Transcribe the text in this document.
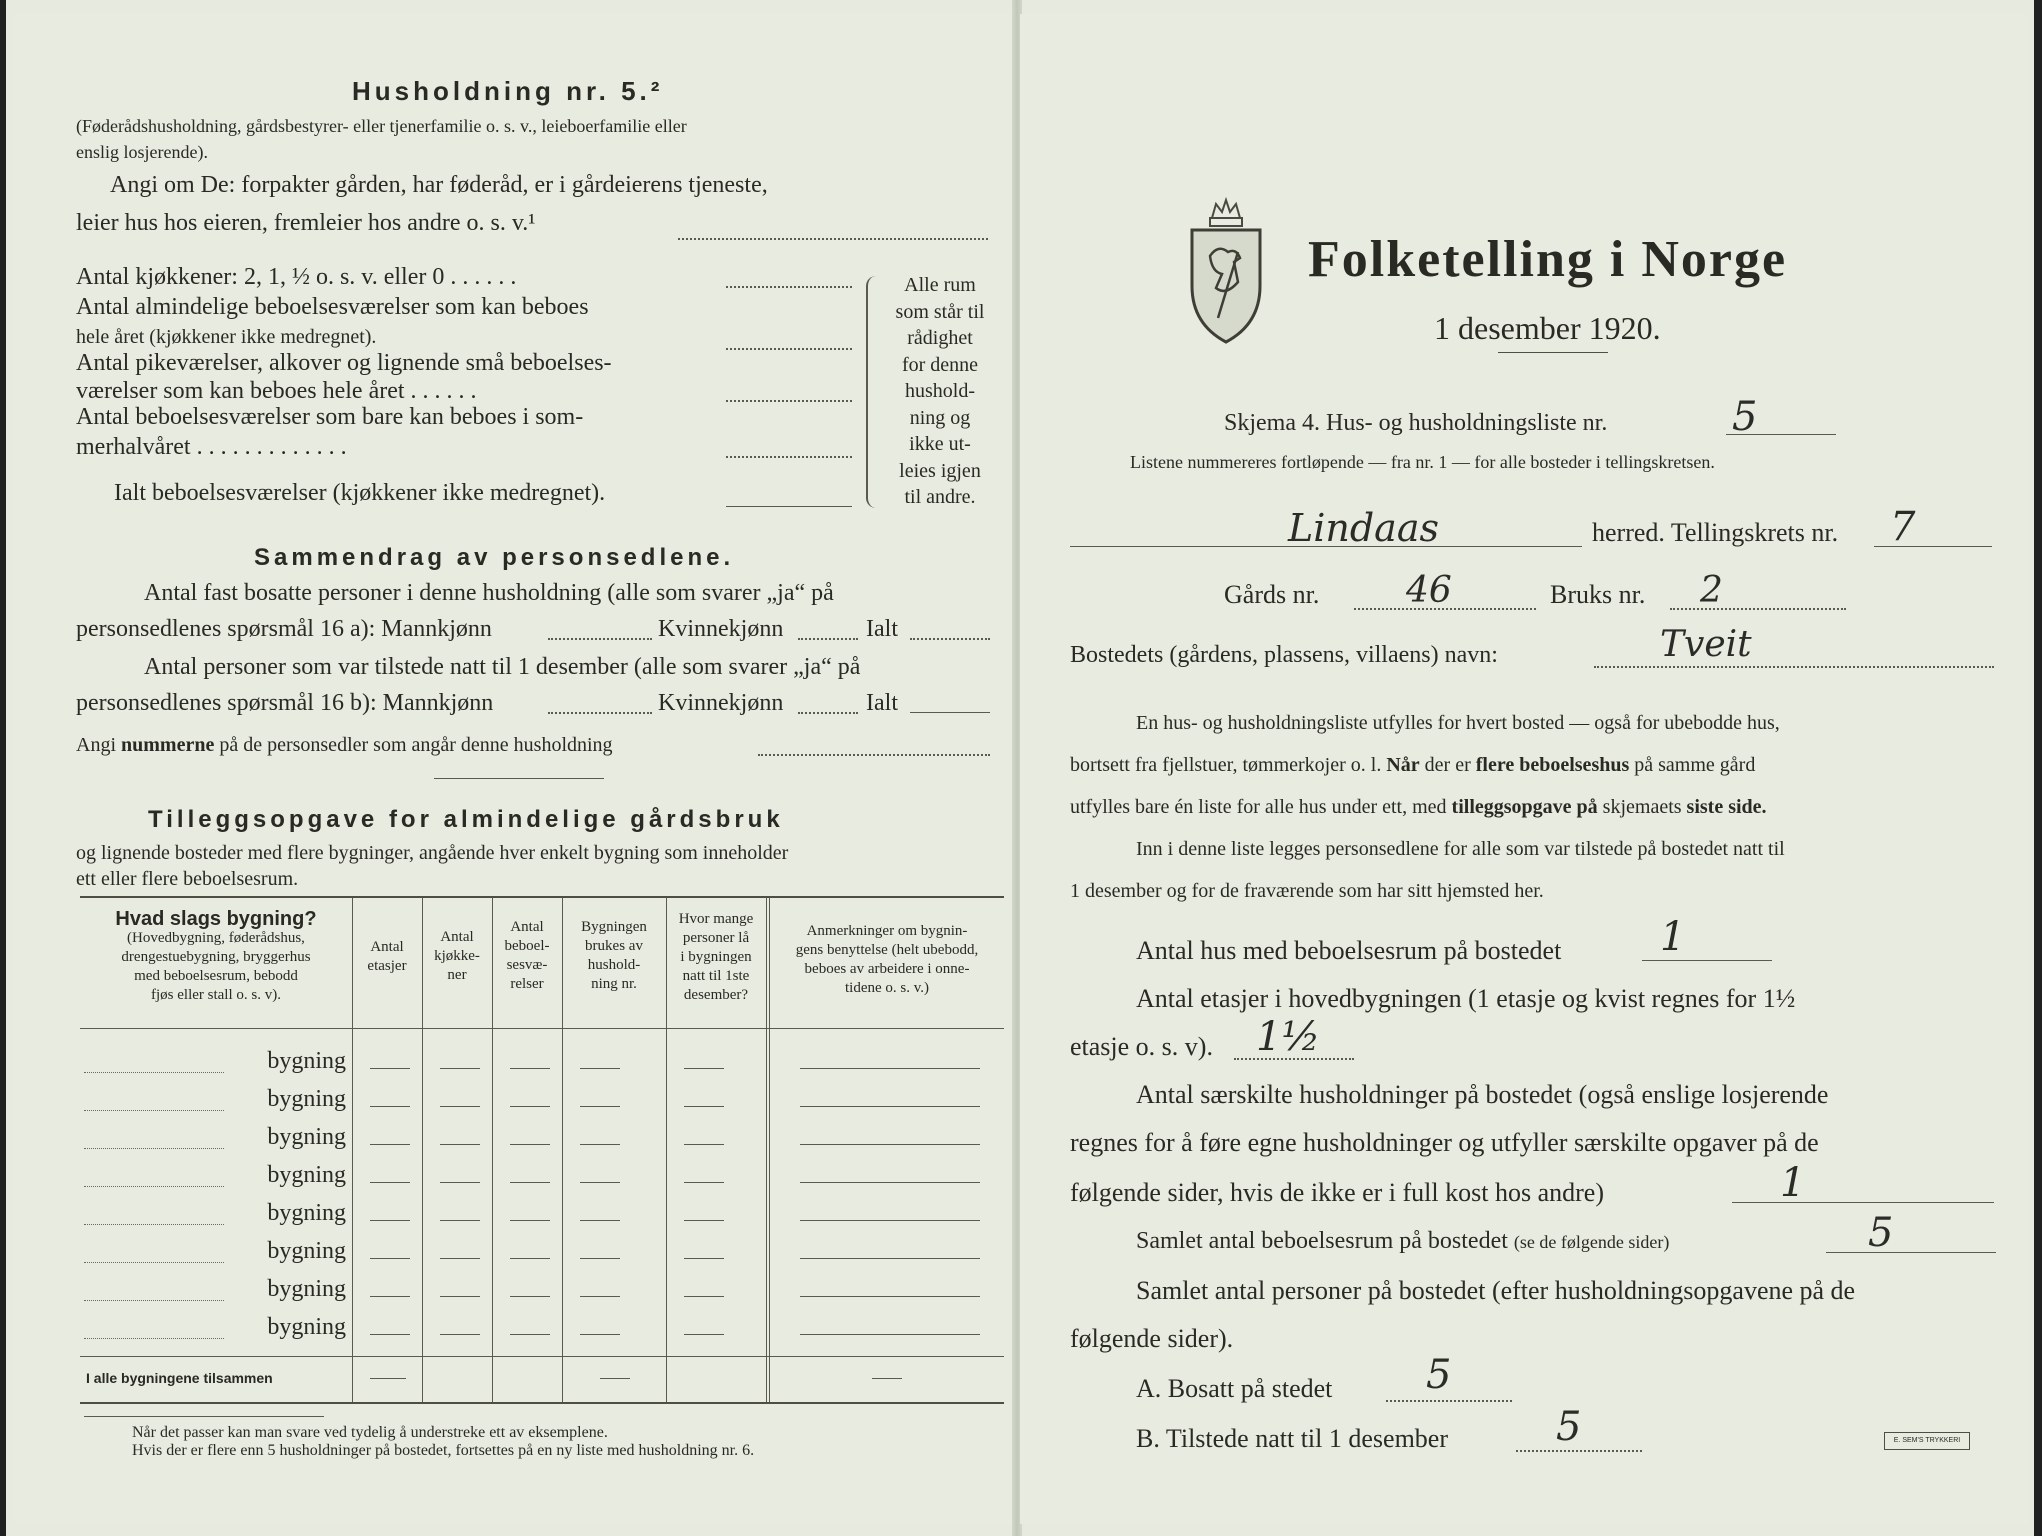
Husholdning nr. 5.²
(Føderådshusholdning, gårdsbestyrer- eller tjenerfamilie o. s. v., leieboerfamilie eller
enslig losjerende).
Angi om De: forpakter gården, har føderåd, er i gårdeierens tjeneste,
leier hus hos eieren, fremleier hos andre o. s. v.¹
Antal kjøkkener: 2, 1, ½ o. s. v. eller 0 . . . . . .
Antal almindelige beboelsesværelser som kan beboes
hele året (kjøkkener ikke medregnet).
Antal pikeværelser, alkover og lignende små beboelses-
værelser som kan beboes hele året . . . . . .
Antal beboelsesværelser som bare kan beboes i som-
merhalvåret . . . . . . . . . . . . .
Ialt beboelsesværelser (kjøkkener ikke medregnet).
Alle rum
som står til
rådighet
for denne
hushold-
ning og
ikke ut-
leies igjen
til andre.
Sammendrag av personsedlene.
Antal fast bosatte personer i denne husholdning (alle som svarer „ja“ på
personsedlenes spørsmål 16 a): Mannkjønn	Kvinnekjønn	Ialt
Antal personer som var tilstede natt til 1 desember (alle som svarer „ja“ på
personsedlenes spørsmål 16 b): Mannkjønn	Kvinnekjønn	Ialt
Angi nummerne på de personsedler som angår denne husholdning
Tilleggsopgave for almindelige gårdsbruk
og lignende bosteder med flere bygninger, angående hver enkelt bygning som inneholder
ett eller flere beboelsesrum.
Hvad slags bygning?
(Hovedbygning, føderådshus,
drengestuebygning, bryggerhus
med beboelsesrum, bebodd
fjøs eller stall o. s. v).
Antal
etasjer
Antal
kjøkke-
ner
Antal
beboel-
sesvæ-
relser
Bygningen
brukes av
hushold-
ning nr.
Hvor mange
personer lå
i bygningen
natt til 1ste
desember?
Anmerkninger om bygnin-
gens benyttelse (helt ubebodd,
beboes av arbeidere i onne-
tidene o. s. v.)
bygning
bygning
bygning
bygning
bygning
bygning
bygning
bygning
I alle bygningene tilsammen
Når det passer kan man svare ved tydelig å understreke ett av eksemplene.
Hvis der er flere enn 5 husholdninger på bostedet, fortsettes på en ny liste med husholdning nr. 6.
Folketelling i Norge
1 desember 1920.
Skjema 4. Hus- og husholdningsliste nr.	5
Listene nummereres fortløpende — fra nr. 1 — for alle bosteder i tellingskretsen.
Lindaas	herred. Tellingskrets nr. 7
Gårds nr. 46	Bruks nr. 2
Bostedets (gårdens, plassens, villaens) navn:	Tveit
En hus- og husholdningsliste utfylles for hvert bosted — også for ubebodde hus,
bortsett fra fjellstuer, tømmerkojer o. l. Når der er flere beboelseshus på samme gård
utfylles bare én liste for alle hus under ett, med tilleggsopgave på skjemaets siste side.
Inn i denne liste legges personsedlene for alle som var tilstede på bostedet natt til
1 desember og for de fraværende som har sitt hjemsted her.
Antal hus med beboelsesrum på bostedet 1
Antal etasjer i hovedbygningen (1 etasje og kvist regnes for 1½
etasje o. s. v). 1½
Antal særskilte husholdninger på bostedet (også enslige losjerende
regnes for å føre egne husholdninger og utfyller særskilte opgaver på de
følgende sider, hvis de ikke er i full kost hos andre)	1
Samlet antal beboelsesrum på bostedet (se de følgende sider)	5
Samlet antal personer på bostedet (efter husholdningsopgavene på de
følgende sider).
A. Bosatt på stedet 5
B. Tilstede natt til 1 desember	5	E. SEM'S TRYKKERI
